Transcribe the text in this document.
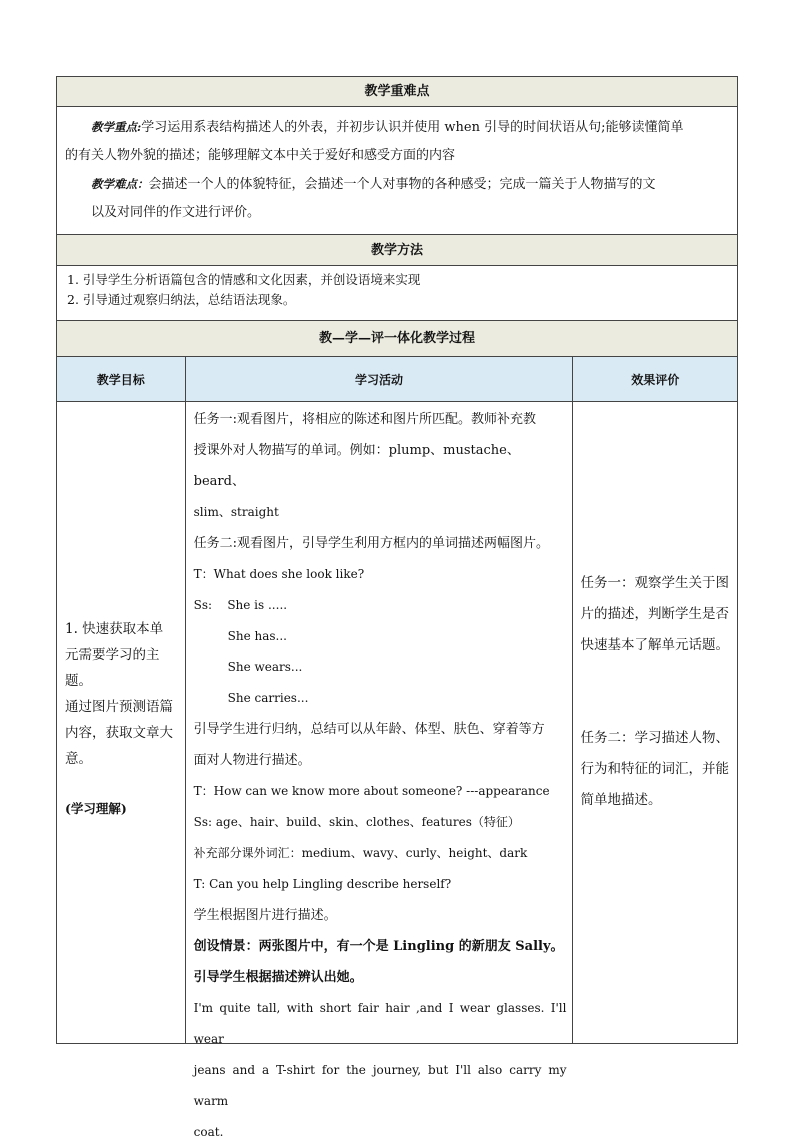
教学重难点
教学重点:学习运用系表结构描述人的外表，并初步认识并使用 when 引导的时间状语从句;能够读懂简单
的有关人物外貌的描述；能够理解文本中关于爱好和感受方面的内容
教学难点：会描述一个人的体貌特征，会描述一个人对事物的各种感受；完成一篇关于人物描写的文
以及对同伴的作文进行评价。
教学方法
1. 引导学生分析语篇包含的情感和文化因素，并创设语境来实现
2. 引导通过观察归纳法，总结语法现象。
教—学—评一体化教学过程
教学目标	学习活动	效果评价
1. 快速获取本单
元需要学习的主题。
通过图片预测语篇
内容，获取文章大
意。
(学习理解)
任务一:观看图片，将相应的陈述和图片所匹配。教师补充教
授课外对人物描写的单词。例如：plump、mustache、beard、
slim、straight
任务二:观看图片，引导学生利用方框内的单词描述两幅图片。
T：What does she look like?
Ss:    She is .....
She has...
She wears...
She carries...
引导学生进行归纳，总结可以从年龄、体型、肤色、穿着等方
面对人物进行描述。
T：How can we know more about someone? ---appearance
Ss: age、hair、build、skin、clothes、features（特征）
补充部分课外词汇：medium、wavy、curly、height、dark
T: Can you help Lingling describe herself?
学生根据图片进行描述。
创设情景：两张图片中，有一个是 Lingling 的新朋友 Sally。
引导学生根据描述辨认出她。
I'm quite tall, with short fair hair ,and I wear glasses. I'll wear
jeans and a T-shirt for the journey, but I'll also carry my warm
coat.
任务一：观察学生关于图
片的描述，判断学生是否
快速基本了解单元话题。
任务二：学习描述人物、
行为和特征的词汇，并能
简单地描述。
